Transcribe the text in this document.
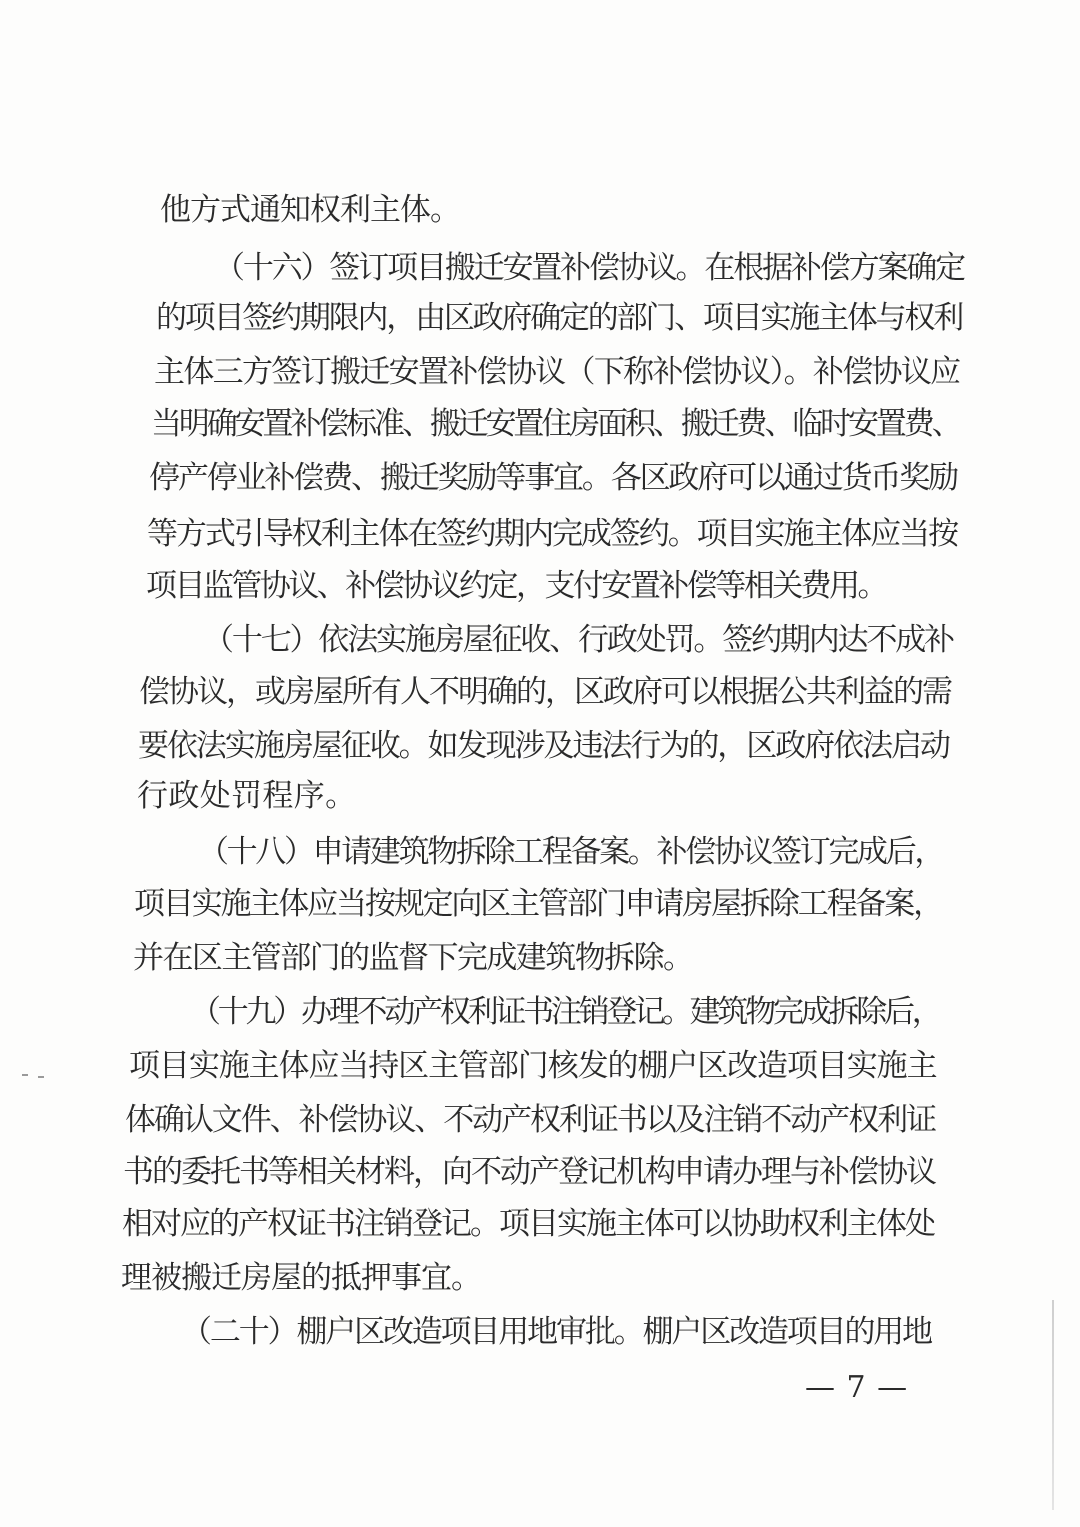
他方式通知权利主体。
（十六）签订项目搬迁安置补偿协议。在根据补偿方案确定
的项目签约期限内，由区政府确定的部门、项目实施主体与权利
主体三方签订搬迁安置补偿协议（下称补偿协议）。补偿协议应
当明确安置补偿标准、搬迁安置住房面积、搬迁费、临时安置费、
停产停业补偿费、搬迁奖励等事宜。各区政府可以通过货币奖励
等方式引导权利主体在签约期内完成签约。项目实施主体应当按
项目监管协议、补偿协议约定，支付安置补偿等相关费用。
（十七）依法实施房屋征收、行政处罚。签约期内达不成补
偿协议，或房屋所有人不明确的，区政府可以根据公共利益的需
要依法实施房屋征收。如发现涉及违法行为的，区政府依法启动
行政处罚程序。
（十八）申请建筑物拆除工程备案。补偿协议签订完成后，
项目实施主体应当按规定向区主管部门申请房屋拆除工程备案，
并在区主管部门的监督下完成建筑物拆除。
（十九）办理不动产权利证书注销登记。建筑物完成拆除后，
项目实施主体应当持区主管部门核发的棚户区改造项目实施主
体确认文件、补偿协议、不动产权利证书以及注销不动产权利证
书的委托书等相关材料，向不动产登记机构申请办理与补偿协议
相对应的产权证书注销登记。项目实施主体可以协助权利主体处
理被搬迁房屋的抵押事宜。
（二十）棚户区改造项目用地审批。棚户区改造项目的用地
— 7 —
